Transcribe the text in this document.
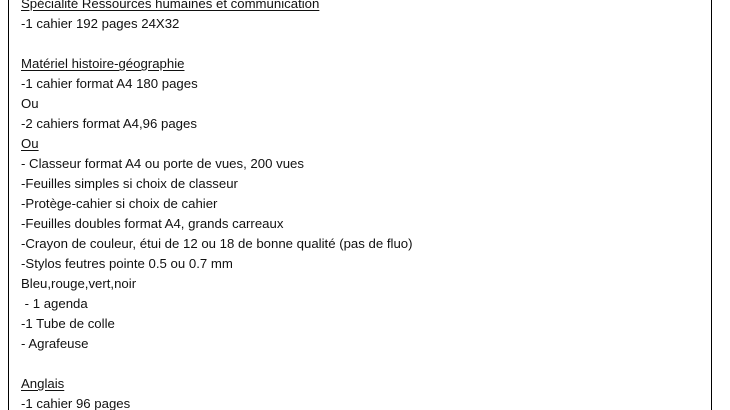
Spécialité Ressources humaines et communication
-1 cahier 192 pages 24X32
Matériel histoire-géographie
-1 cahier format A4 180 pages
Ou
-2 cahiers format A4,96 pages
Ou
- Classeur format A4 ou porte de vues, 200 vues
-Feuilles simples si choix de classeur
-Protège-cahier si choix de cahier
-Feuilles doubles format A4, grands carreaux
-Crayon de couleur, étui de 12 ou 18 de bonne qualité (pas de fluo)
-Stylos feutres pointe 0.5 ou 0.7 mm
Bleu,rouge,vert,noir
- 1 agenda
-1 Tube de colle
- Agrafeuse
Anglais
-1 cahier 96 pages
